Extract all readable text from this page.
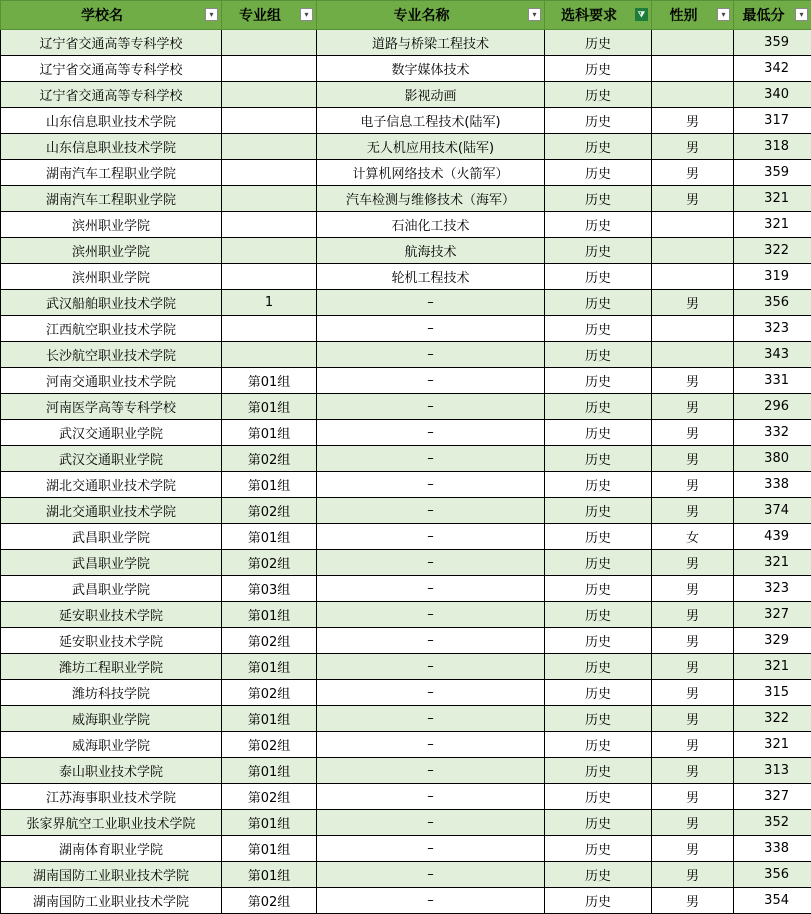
学校名 ▾	专业组 ▾	专业名称 ▾	选科要求 ⧩	性别 ▾	最低分 ▾

辽宁省交通高等专科学校		道路与桥梁工程技术	历史		359
辽宁省交通高等专科学校		数字媒体技术	历史		342
辽宁省交通高等专科学校		影视动画	历史		340
山东信息职业技术学院		电子信息工程技术(陆军)	历史	男	317
山东信息职业技术学院		无人机应用技术(陆军)	历史	男	318
湖南汽车工程职业学院		计算机网络技术（火箭军）	历史	男	359
湖南汽车工程职业学院		汽车检测与维修技术（海军）	历史	男	321
滨州职业学院		石油化工技术	历史		321
滨州职业学院		航海技术	历史		322
滨州职业学院		轮机工程技术	历史		319
武汉船舶职业技术学院	1	–	历史	男	356
江西航空职业技术学院		–	历史		323
长沙航空职业技术学院		–	历史		343
河南交通职业技术学院	第01组	–	历史	男	331
河南医学高等专科学校	第01组	–	历史	男	296
武汉交通职业学院	第01组	–	历史	男	332
武汉交通职业学院	第02组	–	历史	男	380
湖北交通职业技术学院	第01组	–	历史	男	338
湖北交通职业技术学院	第02组	–	历史	男	374
武昌职业学院	第01组	–	历史	女	439
武昌职业学院	第02组	–	历史	男	321
武昌职业学院	第03组	–	历史	男	323
延安职业技术学院	第01组	–	历史	男	327
延安职业技术学院	第02组	–	历史	男	329
潍坊工程职业学院	第01组	–	历史	男	321
潍坊科技学院	第02组	–	历史	男	315
威海职业学院	第01组	–	历史	男	322
威海职业学院	第02组	–	历史	男	321
泰山职业技术学院	第01组	–	历史	男	313
江苏海事职业技术学院	第02组	–	历史	男	327
张家界航空工业职业技术学院	第01组	–	历史	男	352
湖南体育职业学院	第01组	–	历史	男	338
湖南国防工业职业技术学院	第01组	–	历史	男	356
湖南国防工业职业技术学院	第02组	–	历史	男	354
